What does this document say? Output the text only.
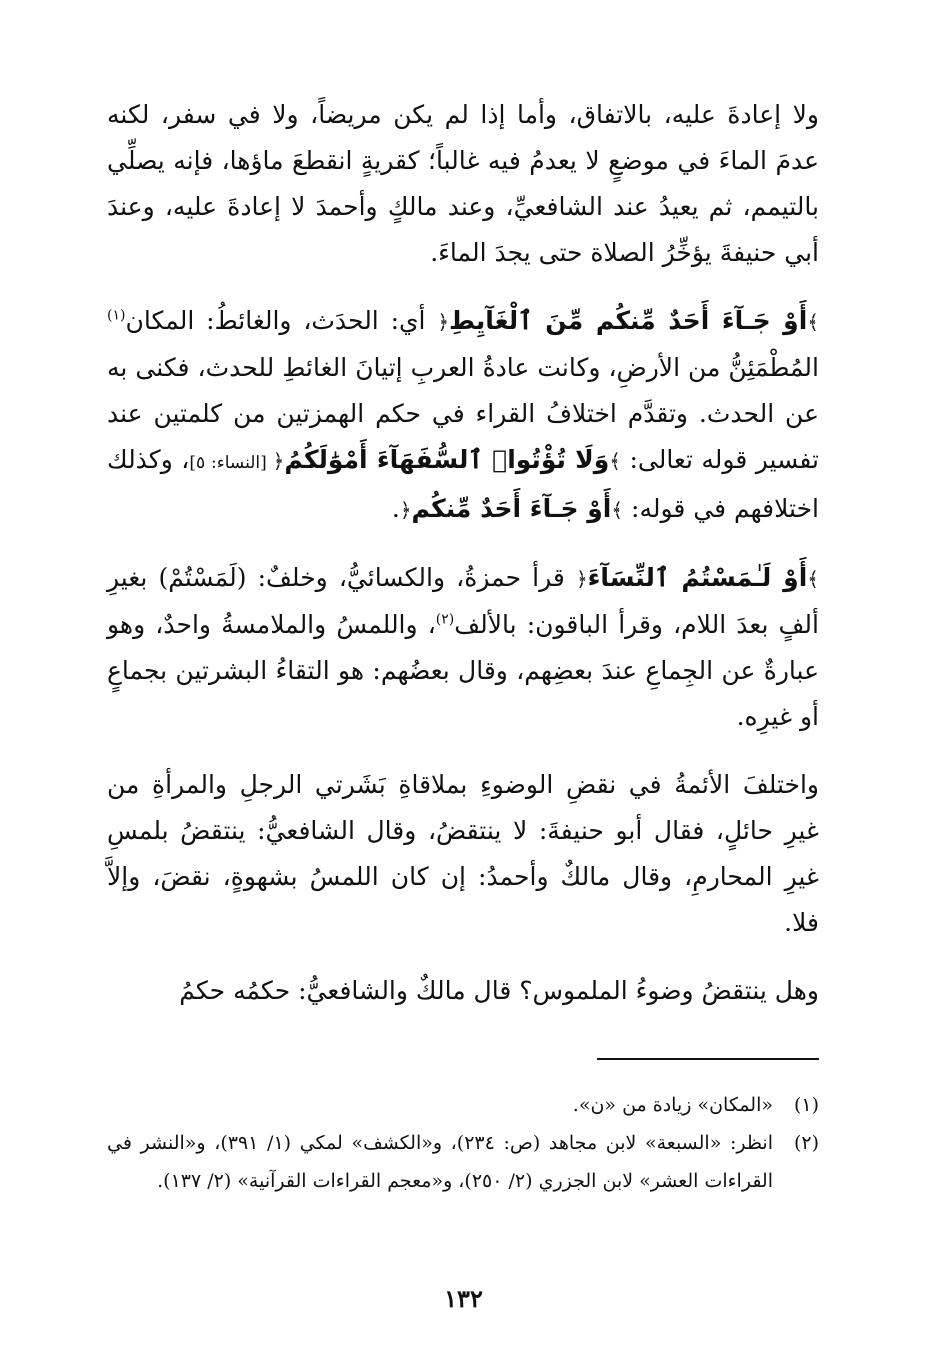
ولا إعادةَ عليه، بالاتفاق، وأما إذا لم يكن مريضاً، ولا في سفر، لكنه عدمَ الماءَ في موضعٍ لا يعدمُ فيه غالباً؛ كقريةٍ انقطعَ ماؤها، فإنه يصلِّي بالتيمم، ثم يعيدُ عند الشافعيِّ، وعند مالكٍ وأحمدَ لا إعادةَ عليه، وعندَ أبي حنيفةَ يؤخِّرُ الصلاة حتى يجدَ الماءَ.

﴾أَوْ جَـآءَ أَحَدٌ مِّنكُم مِّنَ ٱلْغَآيِطِ﴿ أي: الحدَث، والغائطُ: المكان$^{(١)}$ المُطْمَئِنُّ من الأرضِ، وكانت عادةُ العربِ إتيانَ الغائطِ للحدث، فكنى به عن الحدث. وتقدَّم اختلافُ القراء في حكم الهمزتين من كلمتين عند تفسير قوله تعالى: ﴾وَلَا تُؤْتُوا۟ ٱلسُّفَهَآءَ أَمْوَٰلَكُمُ﴿ [النساء: ٥]، وكذلك اختلافهم في قوله: ﴾أَوْ جَـآءَ أَحَدٌ مِّنكُم﴿.

﴾أَوْ لَـٰمَسْتُمُ ٱلنِّسَآءَ﴿ قرأ حمزةُ، والكسائيُّ، وخلفٌ: (لَمَسْتُمْ) بغيرِ ألفٍ بعدَ اللام، وقرأ الباقون: بالألف$^{(٢)}$، واللمسُ والملامسةُ واحدٌ، وهو عبارةٌ عن الجِماعِ عندَ بعضِهم، وقال بعضُهم: هو التقاءُ البشرتين بجماعٍ أو غيرِه.

واختلفَ الأئمةُ في نقضِ الوضوءِ بملاقاةِ بَشَرتي الرجلِ والمرأةِ من غيرِ حائلٍ، فقال أبو حنيفةَ: لا ينتقضُ، وقال الشافعيُّ: ينتقضُ بلمسِ غيرِ المحارمِ، وقال مالكٌ وأحمدُ: إن كان اللمسُ بشهوةٍ، نقضَ، وإلاَّ فلا.

وهل ينتقضُ وضوءُ الملموس؟ قال مالكٌ والشافعيُّ: حكمُه حكمُ

(١)
«المكان» زيادة من «ن».
(٢)
انظر: «السبعة» لابن مجاهد (ص: ٢٣٤)، و«الكشف» لمكي (١/ ٣٩١)، و«النشر في القراءات العشر» لابن الجزري (٢/ ٢٥٠)، و«معجم القراءات القرآنية» (٢/ ١٣٧).
١٣٢
